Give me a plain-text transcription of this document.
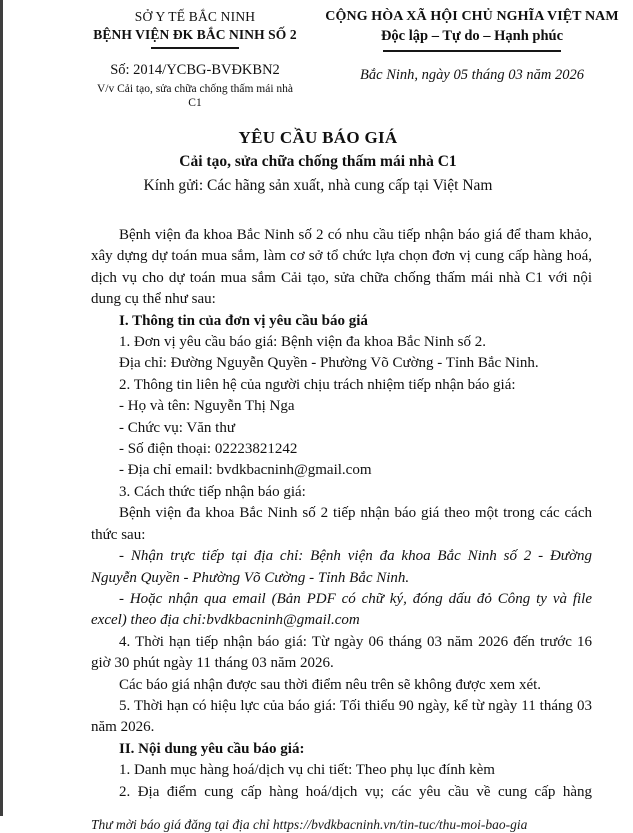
SỞ Y TẾ BẮC NINH
BỆNH VIỆN ĐK BẮC NINH SỐ 2
Số: 2014/YCBG-BVĐKBN2
V/v Cải tạo, sửa chữa chống thấm mái nhà C1
CỘNG HÒA XÃ HỘI CHỦ NGHĨA VIỆT NAM
Độc lập – Tự do – Hạnh phúc
Bắc Ninh, ngày 05 tháng 03 năm 2026
YÊU CẦU BÁO GIÁ
Cải tạo, sửa chữa chống thấm mái nhà C1
Kính gửi: Các hãng sản xuất, nhà cung cấp tại Việt Nam

Bệnh viện đa khoa Bắc Ninh số 2 có nhu cầu tiếp nhận báo giá để tham khảo, xây dựng dự toán mua sắm, làm cơ sở tổ chức lựa chọn đơn vị cung cấp hàng hoá, dịch vụ cho dự toán mua sắm Cải tạo, sửa chữa chống thấm mái nhà C1 với nội dung cụ thể như sau:

I. Thông tin của đơn vị yêu cầu báo giá

1. Đơn vị yêu cầu báo giá: Bệnh viện đa khoa Bắc Ninh số 2.

Địa chỉ: Đường Nguyễn Quyền - Phường Võ Cường - Tỉnh Bắc Ninh.

2. Thông tin liên hệ của người chịu trách nhiệm tiếp nhận báo giá:

- Họ và tên: Nguyễn Thị Nga

- Chức vụ: Văn thư

- Số điện thoại: 02223821242

- Địa chỉ email: bvdkbacninh@gmail.com

3. Cách thức tiếp nhận báo giá:

Bệnh viện đa khoa Bắc Ninh số 2 tiếp nhận báo giá theo một trong các cách thức sau:

- Nhận trực tiếp tại địa chỉ: Bệnh viện đa khoa Bắc Ninh số 2 - Đường Nguyễn Quyền - Phường Võ Cường - Tỉnh Bắc Ninh.

- Hoặc nhận qua email (Bản PDF có chữ ký, đóng dấu đỏ Công ty và file excel) theo địa chỉ:bvdkbacninh@gmail.com

4. Thời hạn tiếp nhận báo giá: Từ ngày 06 tháng 03 năm 2026 đến trước 16 giờ 30 phút ngày 11 tháng 03 năm 2026.

Các báo giá nhận được sau thời điểm nêu trên sẽ không được xem xét.

5. Thời hạn có hiệu lực của báo giá: Tối thiểu 90 ngày, kể từ ngày 11 tháng 03 năm 2026.

II. Nội dung yêu cầu báo giá:

1. Danh mục hàng hoá/dịch vụ chi tiết: Theo phụ lục đính kèm

2. Địa điểm cung cấp hàng hoá/dịch vụ; các yêu cầu về cung cấp hàng

Thư mời báo giá đăng tại địa chỉ https://bvdkbacninh.vn/tin-tuc/thu-moi-bao-gia
